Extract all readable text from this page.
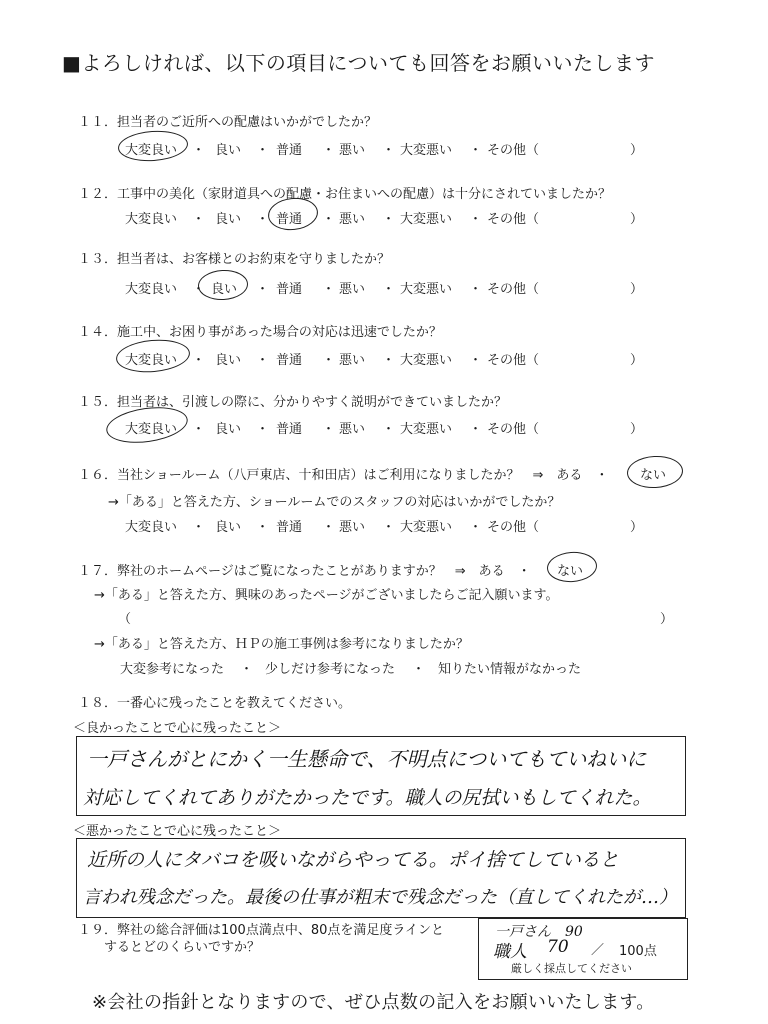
■よろしければ、以下の項目についても回答をお願いいたします
１１．担当者のご近所への配慮はいかがでしたか？
大変良い ・ 良い ・ 普通 ・ 悪い ・ 大変悪い ・ その他（	）
１２．工事中の美化（家財道具への配慮・お住まいへの配慮）は十分にされていましたか？
大変良い ・ 良い ・ 普通 ・ 悪い ・ 大変悪い ・ その他（	）
１３．担当者は、お客様とのお約束を守りましたか？
大変良い ・ 良い ・ 普通 ・ 悪い ・ 大変悪い ・ その他（	）
１４．施工中、お困り事があった場合の対応は迅速でしたか？
大変良い ・ 良い ・ 普通 ・ 悪い ・ 大変悪い ・ その他（	）
１５．担当者は、引渡しの際に、分かりやすく説明ができていましたか？
大変良い ・ 良い ・ 普通 ・ 悪い ・ 大変悪い ・ その他（	）
１６．当社ショールーム（八戸東店、十和田店）はご利用になりましたか？　⇒　ある　・ ない
→「ある」と答えた方、ショールームでのスタッフの対応はいかがでしたか？
大変良い ・ 良い ・ 普通 ・ 悪い ・ 大変悪い ・ その他（	）
１７．弊社のホームページはご覧になったことがありますか？　⇒　ある　・ ない
→「ある」と答えた方、興味のあったページがございましたらご記入願います。
（	）
→「ある」と答えた方、ＨＰの施工事例は参考になりましたか？
大変参考になった ・ 少しだけ参考になった ・ 知りたい情報がなかった
１８．一番心に残ったことを教えてください。
＜良かったことで心に残ったこと＞
一戸さんがとにかく一生懸命で、不明点についてもていねいに
対応してくれてありがたかったです。職人の尻拭いもしてくれた。
＜悪かったことで心に残ったこと＞
近所の人にタバコを吸いながらやってる。ポイ捨てしていると
言われ残念だった。最後の仕事が粗末で残念だった（直してくれたが…）
１９．弊社の総合評価は100点満点中、80点を満足度ラインと
するとどのくらいですか？
一戸さん　90
職人 70 ／ 100点
厳しく採点してください
※会社の指針となりますので、ぜひ点数の記入をお願いいたします。
